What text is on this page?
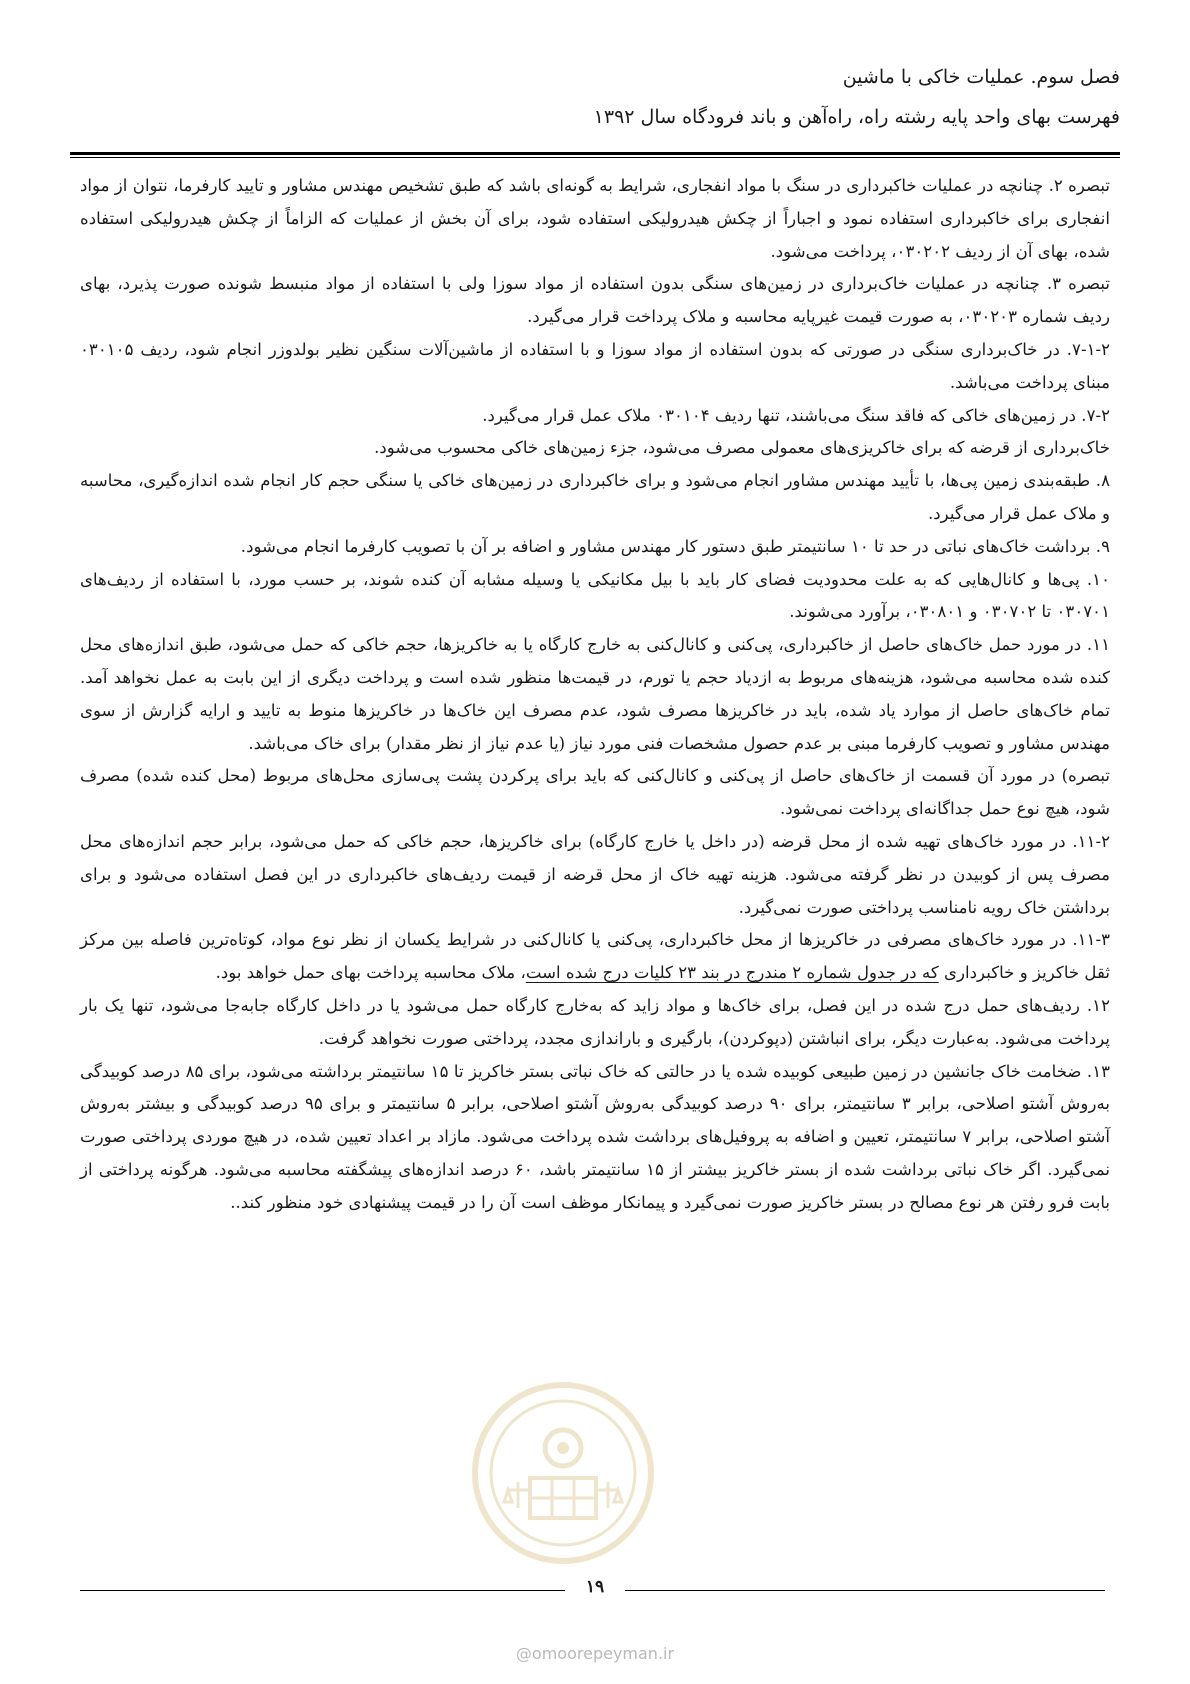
فصل سوم. عملیات خاکی با ماشین
فهرست بهای واحد پایه رشته راه، راه‌آهن و باند فرودگاه سال ۱۳۹۲

تبصره ۲. چنانچه در عملیات خاکبرداری در سنگ با مواد انفجاری، شرایط به گونه‌ای باشد که طبق تشخیص مهندس مشاور و تایید کارفرما، نتوان از مواد انفجاری برای خاکبرداری استفاده نمود و اجباراً از چکش هیدرولیکی استفاده شود، برای آن بخش از عملیات که الزاماً از چکش هیدرولیکی استفاده شده، بهای آن از ردیف ۰۳۰۲۰۲، پرداخت می‌شود.

تبصره ۳. چنانچه در عملیات خاک‌برداری در زمین‌های سنگی بدون استفاده از مواد سوزا ولی با استفاده از مواد منبسط شونده صورت پذیرد، بهای ردیف شماره ۰۳۰۲۰۳، به صورت قیمت غیرپایه محاسبه و ملاک پرداخت قرار می‌گیرد.

۷-۱-۲. در خاک‌برداری سنگی در صورتی که بدون استفاده از مواد سوزا و با استفاده از ماشین‌آلات سنگین نظیر بولدوزر انجام شود، ردیف ۰۳۰۱۰۵ مبنای پرداخت می‌باشد.

۷-۲. در زمین‌های خاکی که فاقد سنگ می‌باشند، تنها ردیف ۰۳۰۱۰۴ ملاک عمل قرار می‌گیرد.

خاک‌برداری از قرضه که برای خاکریزی‌های معمولی مصرف می‌شود، جزء زمین‌های خاکی محسوب می‌شود.

۸. طبقه‌بندی زمین پی‌ها، با تأیید مهندس مشاور انجام می‌شود و برای خاکبرداری در زمین‌های خاکی یا سنگی حجم کار انجام شده اندازه‌گیری، محاسبه و ملاک عمل قرار می‌گیرد.

۹. برداشت خاک‌های نباتی در حد تا ۱۰ سانتیمتر طبق دستور کار مهندس مشاور و اضافه بر آن با تصویب کارفرما انجام می‌شود.

۱۰. پی‌ها و کانال‌هایی که به علت محدودیت فضای کار باید با بیل مکانیکی یا وسیله مشابه آن کنده شوند، بر حسب مورد، با استفاده از ردیف‌های ۰۳۰۷۰۱ تا ۰۳۰۷۰۲ و ۰۳۰۸۰۱، برآورد می‌شوند.

۱۱. در مورد حمل خاک‌های حاصل از خاکبرداری، پی‌کنی و کانال‌کنی به خارج کارگاه یا به خاکریزها، حجم خاکی که حمل می‌شود، طبق اندازه‌های محل کنده شده محاسبه می‌شود، هزینه‌های مربوط به ازدیاد حجم یا تورم، در قیمت‌ها منظور شده است و پرداخت دیگری از این بابت به عمل نخواهد آمد. تمام خاک‌های حاصل از موارد یاد شده، باید در خاکریزها مصرف شود، عدم مصرف این خاک‌ها در خاکریزها منوط به تایید و ارایه گزارش از سوی مهندس مشاور و تصویب کارفرما مبنی بر عدم حصول مشخصات فنی مورد نیاز (یا عدم نیاز از نظر مقدار) برای خاک می‌باشد.

تبصره) در مورد آن قسمت از خاک‌های حاصل از پی‌کنی و کانال‌کنی که باید برای پرکردن پشت پی‌سازی محل‌های مربوط (محل کنده شده) مصرف شود، هیچ نوع حمل جداگانه‌ای پرداخت نمی‌شود.

۱۱-۲. در مورد خاک‌های تهیه شده از محل قرضه (در داخل یا خارج کارگاه) برای خاکریزها، حجم خاکی که حمل می‌شود، برابر حجم اندازه‌های محل مصرف پس از کوبیدن در نظر گرفته می‌شود. هزینه تهیه خاک از محل قرضه از قیمت ردیف‌های خاکبرداری در این فصل استفاده می‌شود و برای برداشتن خاک رویه نامناسب پرداختی صورت نمی‌گیرد.

۱۱-۳. در مورد خاک‌های مصرفی در خاکریزها از محل خاکبرداری، پی‌کنی یا کانال‌کنی در شرایط یکسان از نظر نوع مواد، کوتاه‌ترین فاصله بین مرکز ثقل خاکریز و خاکبرداری که در جدول شماره ۲ مندرج در بند ۲۳ کلیات درج شده است، ملاک محاسبه پرداخت بهای حمل خواهد بود.

۱۲. ردیف‌های حمل درج شده در این فصل، برای خاک‌ها و مواد زاید که به‌خارج کارگاه حمل می‌شود یا در داخل کارگاه جابه‌جا می‌شود، تنها یک بار پرداخت می‌شود. به‌عبارت دیگر، برای انباشتن (دپوکردن)، بارگیری و باراندازی مجدد، پرداختی صورت نخواهد گرفت.

۱۳. ضخامت خاک جانشین در زمین طبیعی کوبیده شده یا در حالتی که خاک نباتی بستر خاکریز تا ۱۵ سانتیمتر برداشته می‌شود، برای ۸۵ درصد کوبیدگی به‌روش آشتو اصلاحی، برابر ۳ سانتیمتر، برای ۹۰ درصد کوبیدگی به‌روش آشتو اصلاحی، برابر ۵ سانتیمتر و برای ۹۵ درصد کوبیدگی و بیشتر به‌روش آشتو اصلاحی، برابر ۷ سانتیمتر، تعیین و اضافه به پروفیل‌های برداشت شده پرداخت می‌شود. مازاد بر اعداد تعیین شده، در هیچ موردی پرداختی صورت نمی‌گیرد. اگر خاک نباتی برداشت شده از بستر خاکریز بیشتر از ۱۵ سانتیمتر باشد، ۶۰ درصد اندازه‌های پیشگفته محاسبه می‌شود. هرگونه پرداختی از بابت فرو رفتن هر نوع مصالح در بستر خاکریز صورت نمی‌گیرد و پیمانکار موظف است آن را در قیمت پیشنهادی خود منظور کند..

۱۹
@omoorepeyman.ir
